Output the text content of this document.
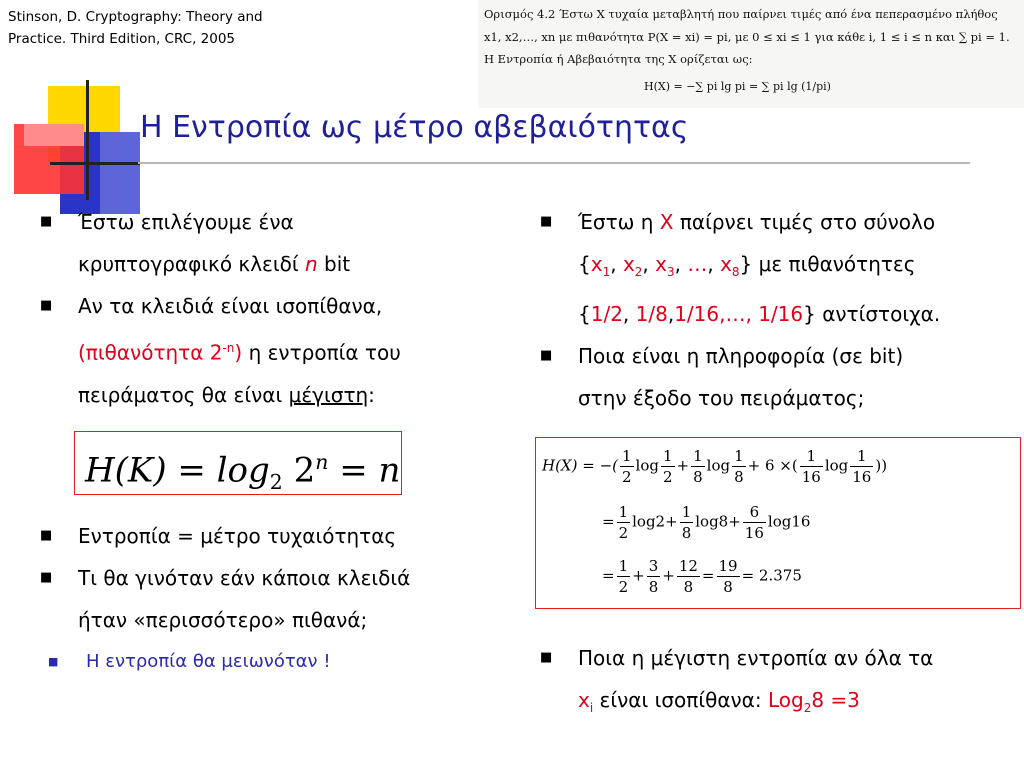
Stinson, D. Cryptography: Theory and
Practice. Third Edition, CRC, 2005
Ορισμός 4.2 Έστω X τυχαία μεταβλητή που παίρνει τιμές από ένα πεπερασμένο πλήθος
x1, x2,…, xn με πιθανότητα P(X = xi) = pi, με 0 ≤ xi ≤ 1 για κάθε i, 1 ≤ i ≤ n και ∑ pi = 1.
Η Εντροπία ή Αβεβαιότητα της X ορίζεται ως:
H(X) = −∑ pi lg pi = ∑ pi lg (1/pi)
Η Εντροπία ως μέτρο αβεβαιότητας
■ Έστω επιλέγουμε ένα
κρυπτογραφικό κλειδί n bit
■ Αν τα κλειδιά είναι ισοπίθανα,
(πιθανότητα $2^{-n}$) η εντροπία του
πειράματος θα είναι μέγιστη:
$H(K) = \log_2 2^n = n$
■ Εντροπία = μέτρο τυχαιότητας
■ Τι θα γινόταν εάν κάποια κλειδιά
ήταν «περισσότερο» πιθανά;
■ Η εντροπία θα μειωνόταν !
■ Έστω η X παίρνει τιμές στο σύνολο
{$x_1$, $x_2$, $x_3$, …, $x_8$} με πιθανότητες
{1/2, 1/8,1/16,…, 1/16} αντίστοιχα.
■ Ποια είναι η πληροφορία (σε bit)
στην έξοδο του πειράματος;
H(X) = −( $\frac{1}{2}$ $\log \frac{1}{2} + \frac{1}{8}$ $\log \frac{1}{8} + 6$ ×( $\frac{1}{16}$ $\log \frac{1}{16}$ ))
= $\frac{1}{2} \log 2+ \frac{1}{8} \log 8+ \frac{6}{16} \log 16$
= $\frac{1}{2} + \frac{3}{8} + \frac{12}{8} = \frac{19}{8} = 2.375$
■ Ποια η μέγιστη εντροπία αν όλα τα
$x_i$ είναι ισοπίθανα: Log$_2$8 =3
